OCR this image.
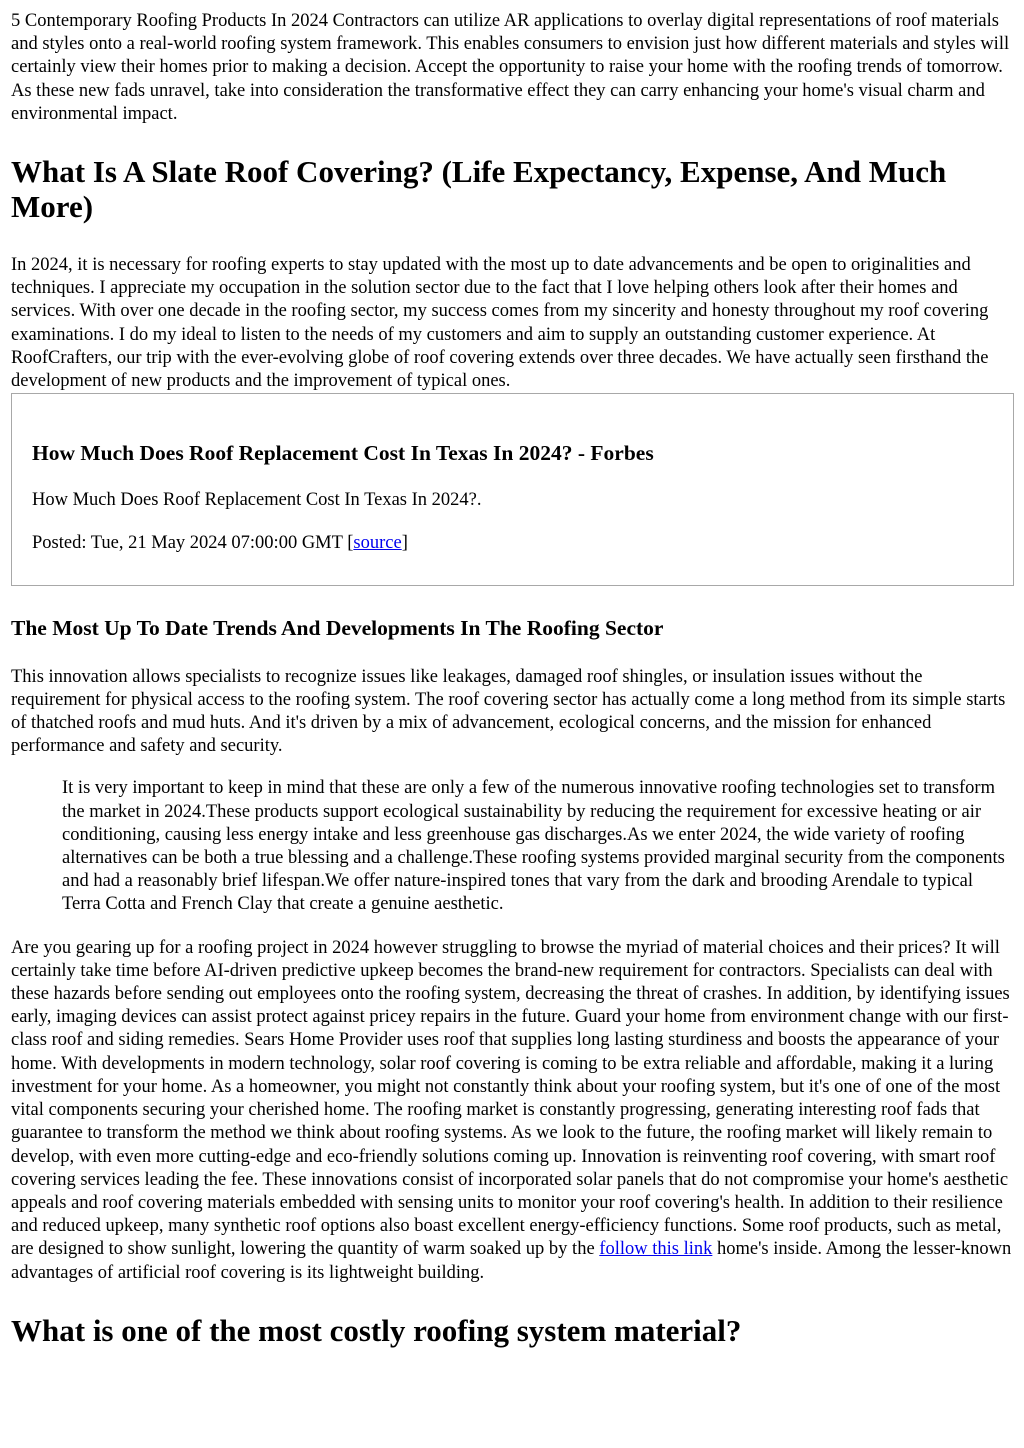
5 Contemporary Roofing Products In 2024 Contractors can utilize AR applications to overlay digital representations of roof materials and styles onto a real-world roofing system framework. This enables consumers to envision just how different materials and styles will certainly view their homes prior to making a decision. Accept the opportunity to raise your home with the roofing trends of tomorrow. As these new fads unravel, take into consideration the transformative effect they can carry enhancing your home's visual charm and environmental impact.

What Is A Slate Roof Covering? (Life Expectancy, Expense, And Much More)

In 2024, it is necessary for roofing experts to stay updated with the most up to date advancements and be open to originalities and techniques. I appreciate my occupation in the solution sector due to the fact that I love helping others look after their homes and services. With over one decade in the roofing sector, my success comes from my sincerity and honesty throughout my roof covering examinations. I do my ideal to listen to the needs of my customers and aim to supply an outstanding customer experience. At RoofCrafters, our trip with the ever-evolving globe of roof covering extends over three decades. We have actually seen firsthand the development of new products and the improvement of typical ones.

How Much Does Roof Replacement Cost In Texas In 2024? - Forbes

How Much Does Roof Replacement Cost In Texas In 2024?.

Posted: Tue, 21 May 2024 07:00:00 GMT [source]

The Most Up To Date Trends And Developments In The Roofing Sector

This innovation allows specialists to recognize issues like leakages, damaged roof shingles, or insulation issues without the requirement for physical access to the roofing system. The roof covering sector has actually come a long method from its simple starts of thatched roofs and mud huts. And it's driven by a mix of advancement, ecological concerns, and the mission for enhanced performance and safety and security.

It is very important to keep in mind that these are only a few of the numerous innovative roofing technologies set to transform the market in 2024.These products support ecological sustainability by reducing the requirement for excessive heating or air conditioning, causing less energy intake and less greenhouse gas discharges.As we enter 2024, the wide variety of roofing alternatives can be both a true blessing and a challenge.These roofing systems provided marginal security from the components and had a reasonably brief lifespan.We offer nature-inspired tones that vary from the dark and brooding Arendale to typical Terra Cotta and French Clay that create a genuine aesthetic.

Are you gearing up for a roofing project in 2024 however struggling to browse the myriad of material choices and their prices? It will certainly take time before AI-driven predictive upkeep becomes the brand-new requirement for contractors. Specialists can deal with these hazards before sending out employees onto the roofing system, decreasing the threat of crashes. In addition, by identifying issues early, imaging devices can assist protect against pricey repairs in the future. Guard your home from environment change with our first-class roof and siding remedies. Sears Home Provider uses roof that supplies long lasting sturdiness and boosts the appearance of your home. With developments in modern technology, solar roof covering is coming to be extra reliable and affordable, making it a luring investment for your home. As a homeowner, you might not constantly think about your roofing system, but it's one of one of the most vital components securing your cherished home. The roofing market is constantly progressing, generating interesting roof fads that guarantee to transform the method we think about roofing systems. As we look to the future, the roofing market will likely remain to develop, with even more cutting-edge and eco-friendly solutions coming up. Innovation is reinventing roof covering, with smart roof covering services leading the fee. These innovations consist of incorporated solar panels that do not compromise your home's aesthetic appeals and roof covering materials embedded with sensing units to monitor your roof covering's health. In addition to their resilience and reduced upkeep, many synthetic roof options also boast excellent energy-efficiency functions. Some roof products, such as metal, are designed to show sunlight, lowering the quantity of warm soaked up by the follow this link home's inside. Among the lesser-known advantages of artificial roof covering is its lightweight building.

What is one of the most costly roofing system material?
